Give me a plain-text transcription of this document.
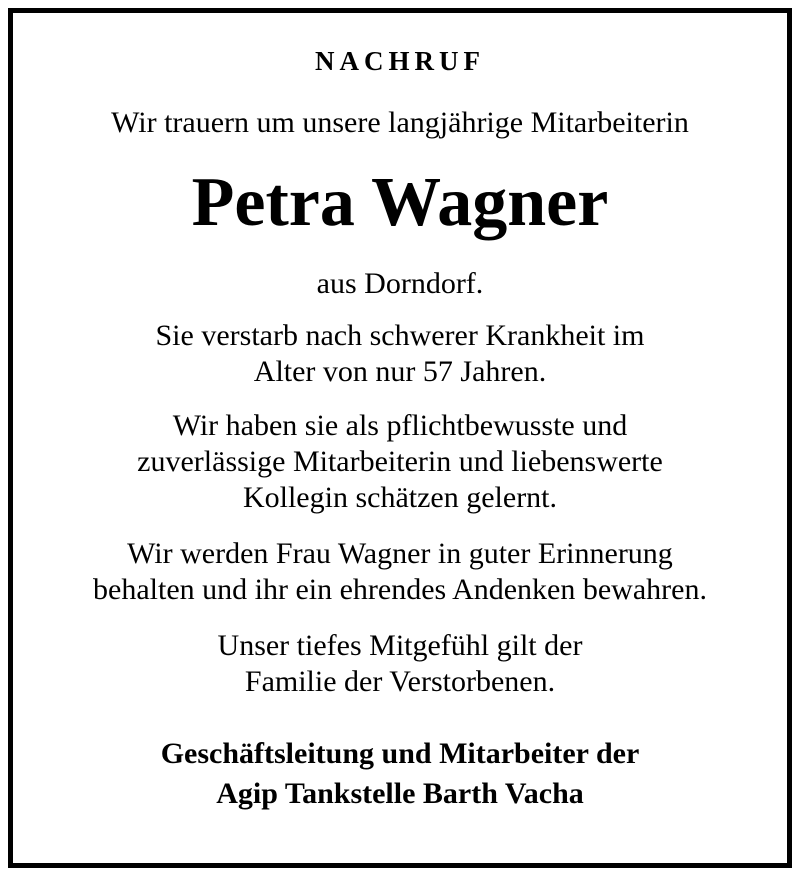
NACHRUF
Wir trauern um unsere langjährige Mitarbeiterin
Petra Wagner
aus Dorndorf.
Sie verstarb nach schwerer Krankheit im
Alter von nur 57 Jahren.
Wir haben sie als pflichtbewusste und
zuverlässige Mitarbeiterin und liebenswerte
Kollegin schätzen gelernt.
Wir werden Frau Wagner in guter Erinnerung
behalten und ihr ein ehrendes Andenken bewahren.
Unser tiefes Mitgefühl gilt der
Familie der Verstorbenen.
Geschäftsleitung und Mitarbeiter der
Agip Tankstelle Barth Vacha
